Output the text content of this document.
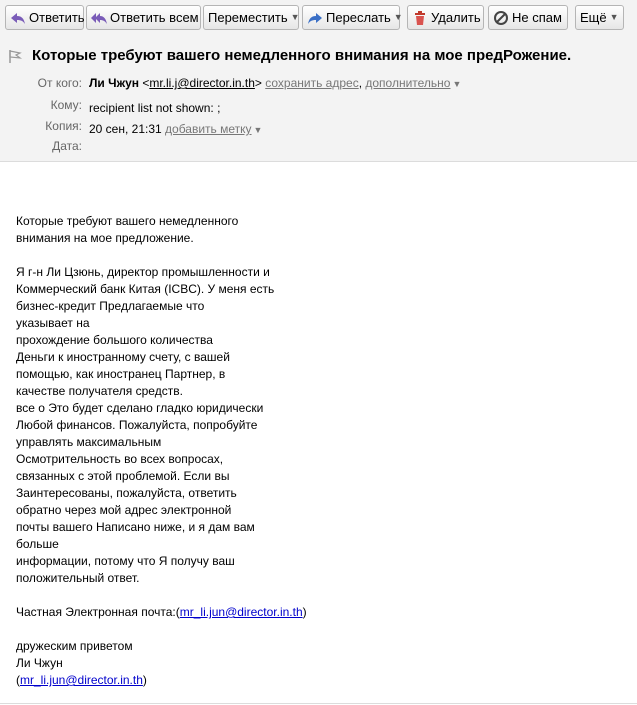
Ответить Ответить всем Переместить ▼ Переслать ▼ Удалить Не спам Ещё ▼
Которые требуют вашего немедленного внимания на мое предРожение.
От кого: Ли Чжун <mr.li.j@director.in.th> сохранить адрес, дополнительно ▼
Кому: recipient list not shown: ;
Копия: 20 сен, 21:31 добавить метку ▼
Дата:

Которые требуют вашего немедленного

внимания на мое предложение.

Я г-н Ли Цзюнь, директор промышленности и

Коммерческий банк Китая (ICBC). У меня есть

бизнес-кредит Предлагаемые что

указывает на

прохождение большого количества

Деньги к иностранному счету, с вашей

помощью, как иностранец Партнер, в

качестве получателя средств.

все о Это будет сделано гладко юридически

Любой финансов. Пожалуйста, попробуйте

управлять максимальным

Осмотрительность во всех вопросах,

связанных с этой проблемой. Если вы

Заинтересованы, пожалуйста, ответить

обратно через мой адрес электронной

почты вашего Написано ниже, и я дам вам

больше

информации, потому что Я получу ваш

положительный ответ.

Частная Электронная почта:(mr_li.jun@director.in.th)

дружеским приветом

Ли Чжун

(mr_li.jun@director.in.th)
